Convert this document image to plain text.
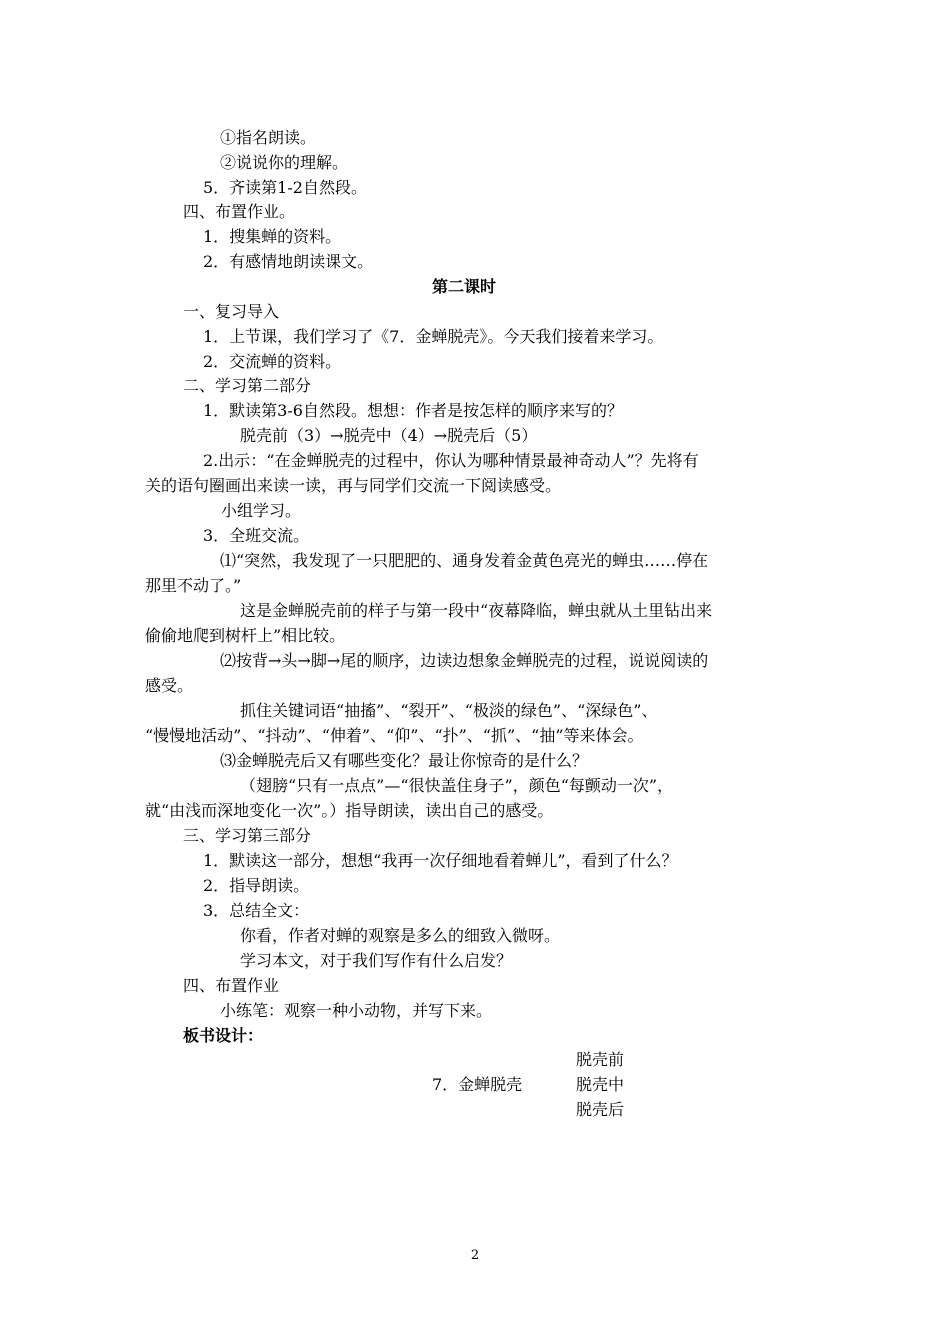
①指名朗读。
②说说你的理解。
5．齐读第1-2自然段。
四、布置作业。
1．搜集蝉的资料。
2．有感情地朗读课文。
第二课时
一、复习导入
1．上节课，我们学习了《7．金蝉脱壳》。今天我们接着来学习。
2．交流蝉的资料。
二、学习第二部分
1．默读第3-6自然段。想想：作者是按怎样的顺序来写的？
脱壳前（3）→脱壳中（4）→脱壳后（5）
2.出示：“在金蝉脱壳的过程中，你认为哪种情景最神奇动人”？先将有
关的语句圈画出来读一读，再与同学们交流一下阅读感受。
小组学习。
3．全班交流。
⑴“突然，我发现了一只肥肥的、通身发着金黄色亮光的蝉虫……停在
那里不动了。”
这是金蝉脱壳前的样子与第一段中“夜幕降临，蝉虫就从土里钻出来
偷偷地爬到树杆上”相比较。
⑵按背→头→脚→尾的顺序，边读边想象金蝉脱壳的过程，说说阅读的
感受。
抓住关键词语“抽搐”、“裂开”、“极淡的绿色”、“深绿色”、
“慢慢地活动”、“抖动”、“伸着”、“仰”、“扑”、“抓”、“抽”等来体会。
⑶金蝉脱壳后又有哪些变化？最让你惊奇的是什么？
（翅膀“只有一点点”—“很快盖住身子”，颜色“每颤动一次”，
就“由浅而深地变化一次”。）指导朗读，读出自己的感受。
三、学习第三部分
1．默读这一部分，想想“我再一次仔细地看着蝉儿”，看到了什么？
2．指导朗读。
3．总结全文：
你看，作者对蝉的观察是多么的细致入微呀。
学习本文，对于我们写作有什么启发？
四、布置作业
小练笔：观察一种小动物，并写下来。
板书设计：
7．金蝉脱壳
脱壳前
脱壳中
脱壳后
2
